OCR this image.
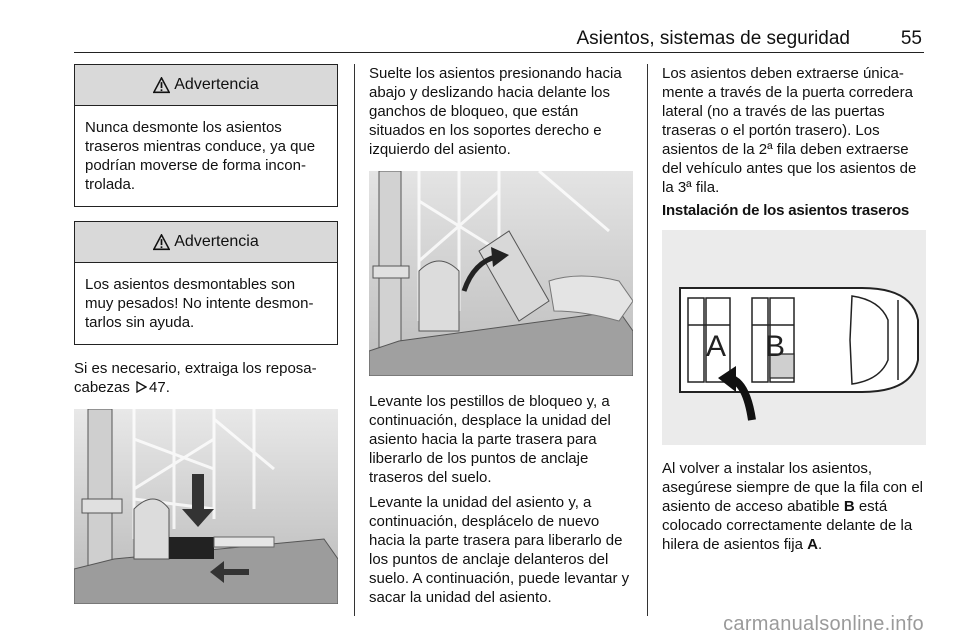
Asientos, sistemas de seguridad	55
Advertencia
Nunca desmonte los asientos traseros mientras conduce, ya que podrían moverse de forma incontrolada.
Advertencia
Los asientos desmontables son muy pesados! No intente desmontarlos sin ayuda.

Si es necesario, extraiga los reposacabezas 47.

Suelte los asientos presionando hacia abajo y deslizando hacia delante los ganchos de bloqueo, que están situados en los soportes derecho e izquierdo del asiento.

Levante los pestillos de bloqueo y, a continuación, desplace la unidad del asiento hacia la parte trasera para liberarlo de los puntos de anclaje traseros del suelo.

Levante la unidad del asiento y, a continuación, desplácelo de nuevo hacia la parte trasera para liberarlo de los puntos de anclaje delanteros del suelo. A continuación, puede levantar y sacar la unidad del asiento.

Los asientos deben extraerse únicamente a través de la puerta corredera lateral (no a través de las puertas traseras o el portón trasero). Los asientos de la 2ª fila deben extraerse del vehículo antes que los asientos de la 3ª fila.

Instalación de los asientos traseros
A B

Al volver a instalar los asientos, asegúrese siempre de que la fila con el asiento de acceso abatible B está colocado correctamente delante de la hilera de asientos fija A.

carmanualsonline.info
